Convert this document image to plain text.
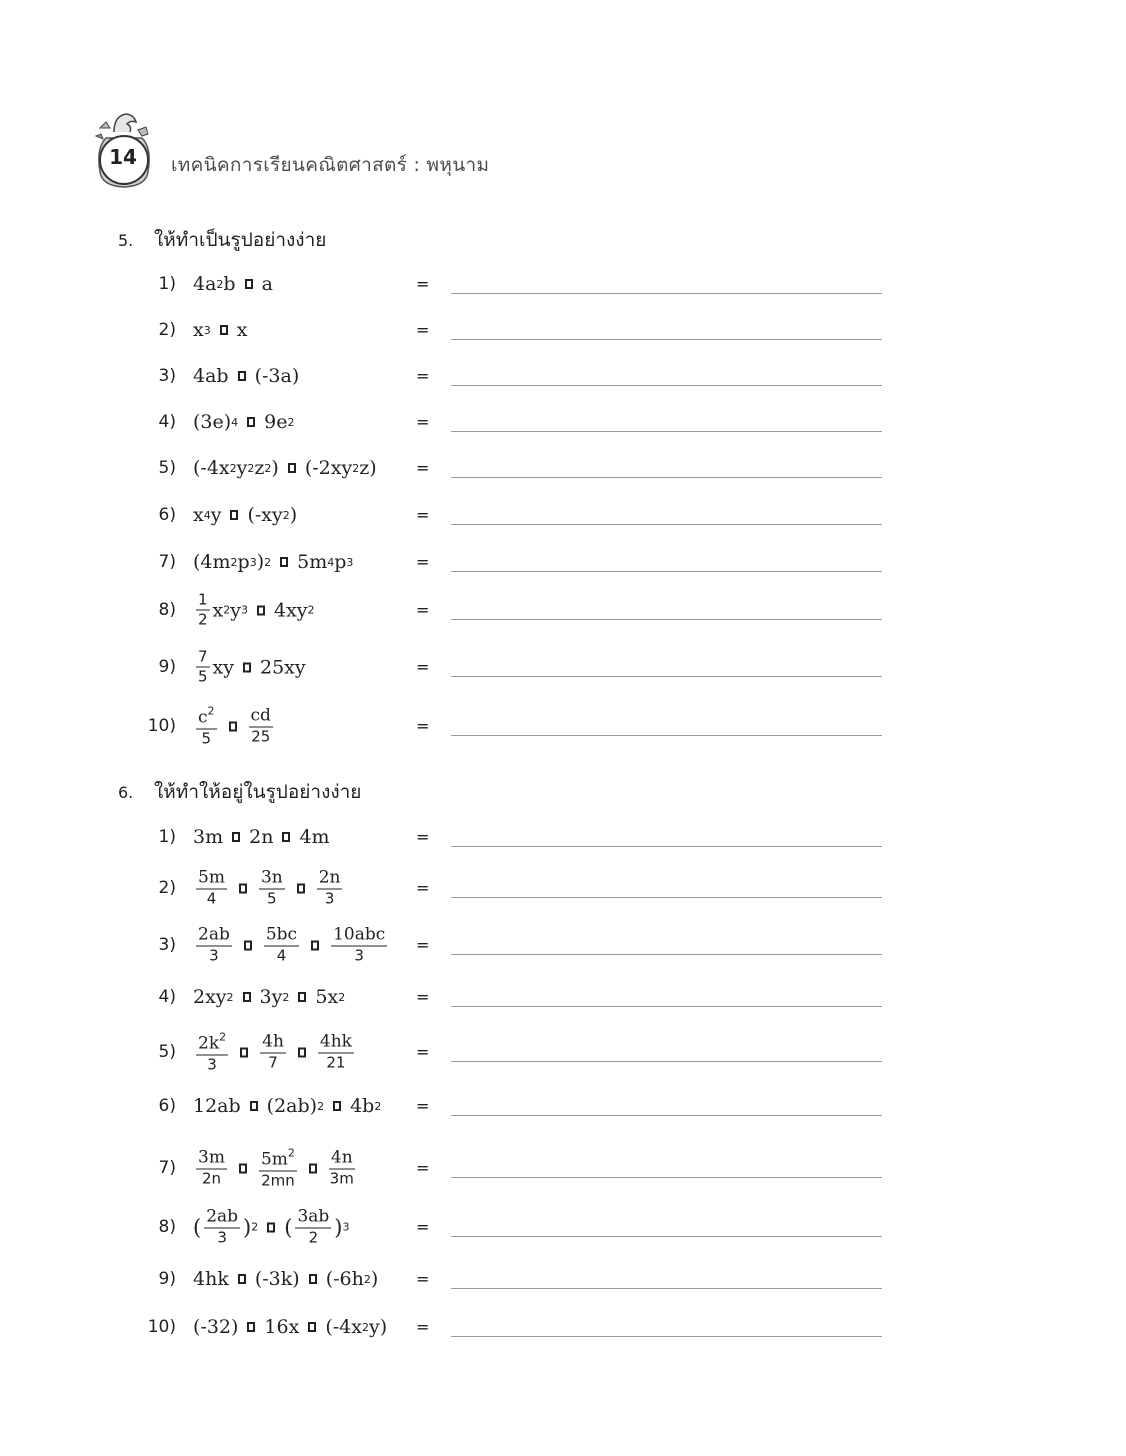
14	เทคนิคการเรียนคณิตศาสตร์ : พหุนาม
5. ให้ทำเป็นรูปอย่างง่าย
1) 4a 2 b a	=
2) x 3 x	=
3) 4ab (-3a)	=
4) (3e) 4 9e 2	=
5) (-4x 2 y 2 z 2 ) (-2xy 2 z) =
6) x 4 y (-xy 2 )	=
7) (4m 2 p 3 ) 2 5m 4 p 3	=
$8) \frac{1}{2}$ x 2 y 3 4xy 2	=
$9) \frac{7}{5}$ xy 25xy	=
$10) \frac{c^2}{5} \frac{cd}{25}$	=
6. ให้ทำให้อยู่ในรูปอย่างง่าย
1) 3m 2n 4m	=
$2) \frac{5m}{4} \frac{3n}{5} \frac{2n}{3}$	=
$3) \frac{2ab}{3} \frac{5bc}{4} \frac{\text{10abc}}{3}$ =
4) 2xy 2 3y 2 5x 2	=
$5) \frac{2k^2}{3} \frac{4h}{7} \frac{4hk}{21}$	=
6) 12ab (2ab) 2 4b 2 =
$7) \frac{3m}{2n} \frac{5m^2}{2mn} \frac{4n}{3m}$	=
8) ( $\frac{2ab}{3}$ ) 2 ( $\frac{3ab}{2}$ ) 3	=
9) 4hk (-3k) (-6h 2 ) =
10) (-32) 16x (-4x 2 y) =
